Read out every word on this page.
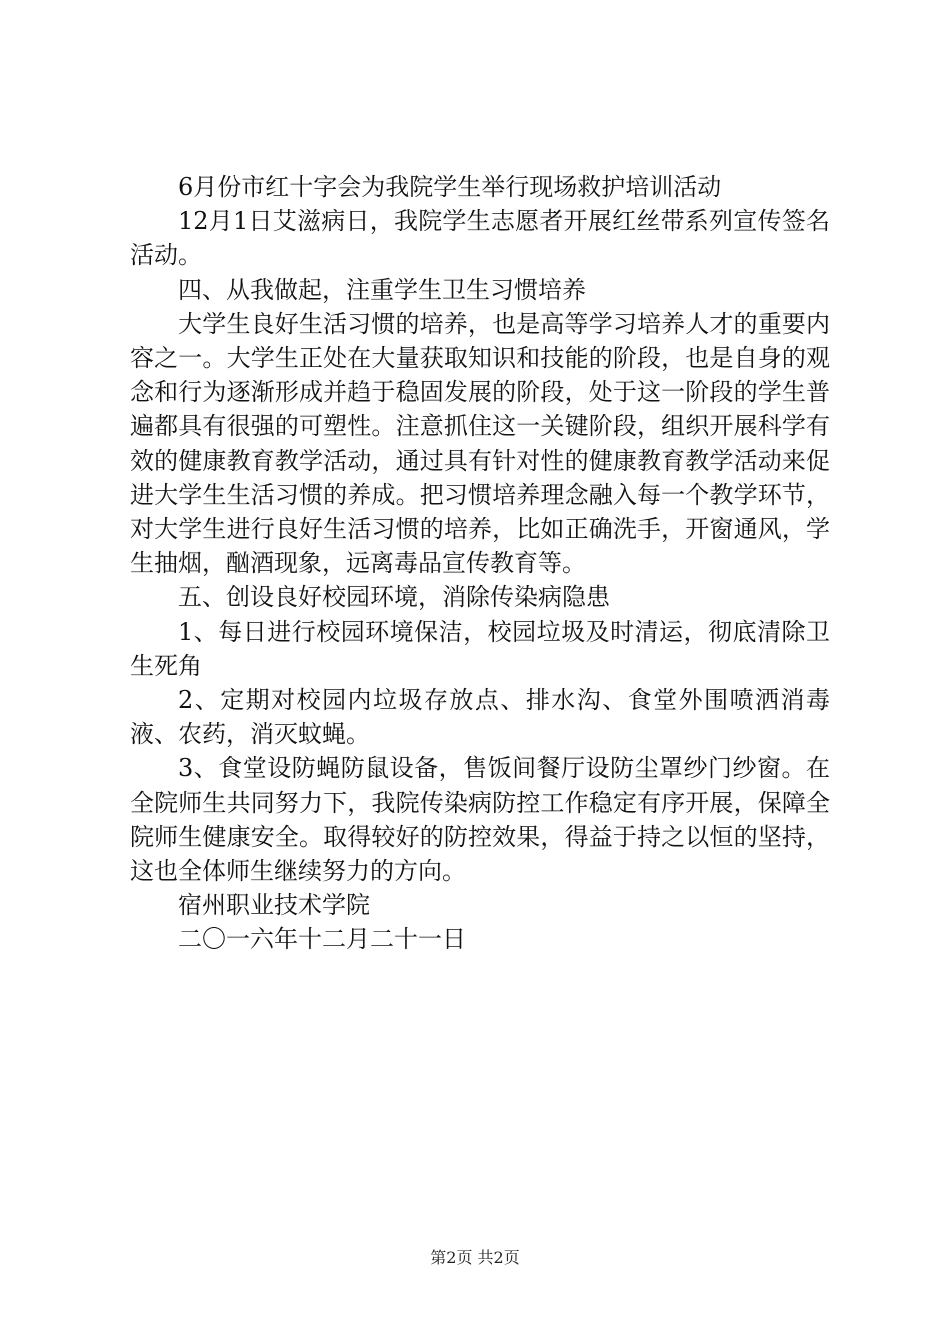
6月份市红十字会为我院学生举行现场救护培训活动

12月1日艾滋病日，我院学生志愿者开展红丝带系列宣传签名活动。

四、从我做起，注重学生卫生习惯培养

大学生良好生活习惯的培养，也是高等学习培养人才的重要内容之一。大学生正处在大量获取知识和技能的阶段，也是自身的观念和行为逐渐形成并趋于稳固发展的阶段，处于这一阶段的学生普遍都具有很强的可塑性。注意抓住这一关键阶段，组织开展科学有效的健康教育教学活动，通过具有针对性的健康教育教学活动来促进大学生生活习惯的养成。把习惯培养理念融入每一个教学环节，对大学生进行良好生活习惯的培养，比如正确洗手，开窗通风，学生抽烟，酗酒现象，远离毒品宣传教育等。

五、创设良好校园环境，消除传染病隐患

1、每日进行校园环境保洁，校园垃圾及时清运，彻底清除卫生死角

2、定期对校园内垃圾存放点、排水沟、食堂外围喷洒消毒液、农药，消灭蚊蝇。

3、食堂设防蝇防鼠设备，售饭间餐厅设防尘罩纱门纱窗。在全院师生共同努力下，我院传染病防控工作稳定有序开展，保障全院师生健康安全。取得较好的防控效果，得益于持之以恒的坚持，这也全体师生继续努力的方向。

宿州职业技术学院

二〇一六年十二月二十一日

第2页 共2页
